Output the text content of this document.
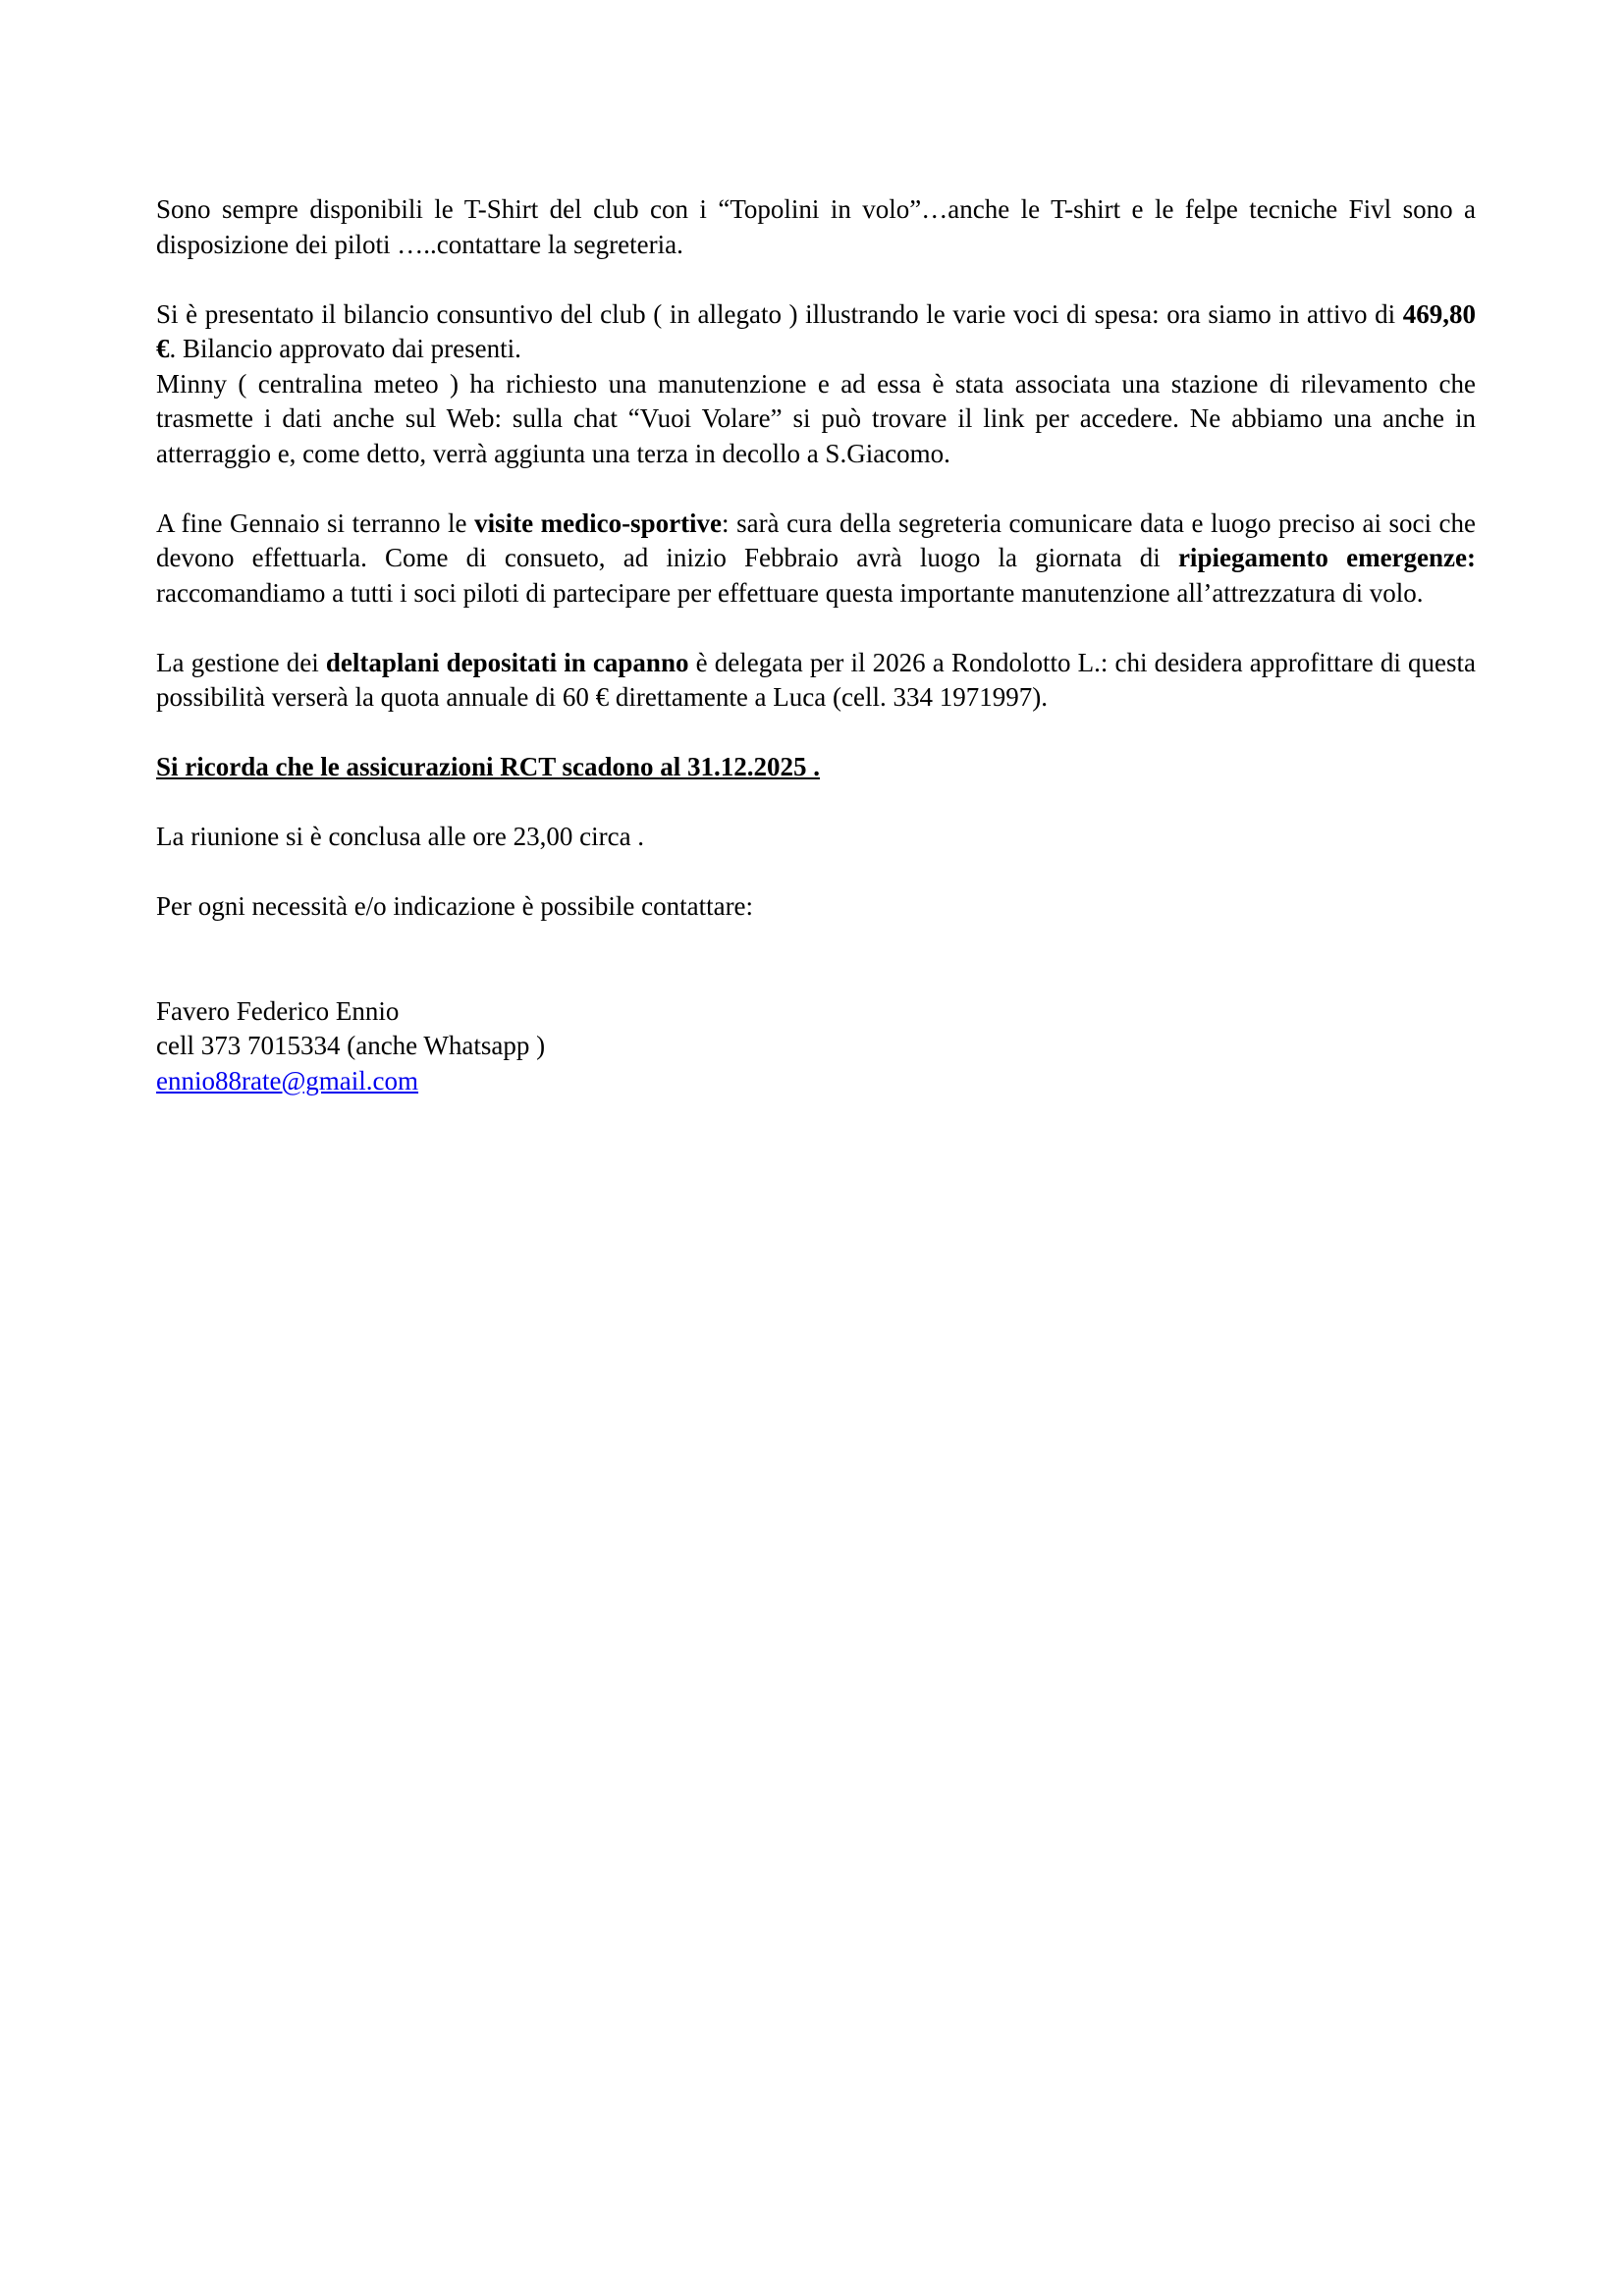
Sono sempre disponibili le T-Shirt del club con i “Topolini in volo”…anche le T-shirt e le felpe tecniche Fivl sono a disposizione dei piloti …..contattare la segreteria.

Si è presentato il bilancio consuntivo del club ( in allegato ) illustrando le varie voci di spesa: ora siamo in attivo di 469,80 €. Bilancio approvato dai presenti.

Minny ( centralina meteo ) ha richiesto una manutenzione e ad essa è stata associata una stazione di rilevamento che trasmette i dati anche sul Web: sulla chat “Vuoi Volare” si può trovare il link per accedere. Ne abbiamo una anche in atterraggio e, come detto, verrà aggiunta una terza in decollo a S.Giacomo.

A fine Gennaio si terranno le visite medico-sportive: sarà cura della segreteria comunicare data e luogo preciso ai soci che devono effettuarla. Come di consueto, ad inizio Febbraio avrà luogo la giornata di ripiegamento emergenze: raccomandiamo a tutti i soci piloti di partecipare per effettuare questa importante manutenzione all’attrezzatura di volo.

La gestione dei deltaplani depositati in capanno è delegata per il 2026 a Rondolotto L.: chi desidera approfittare di questa possibilità verserà la quota annuale di 60 € direttamente a Luca (cell. 334 1971997).

Si ricorda che le assicurazioni RCT scadono al 31.12.2025 .

La riunione si è conclusa alle ore 23,00 circa .

Per ogni necessità e/o indicazione è possibile contattare:

Favero Federico Ennio

cell 373 7015334 (anche Whatsapp )

ennio88rate@gmail.com
